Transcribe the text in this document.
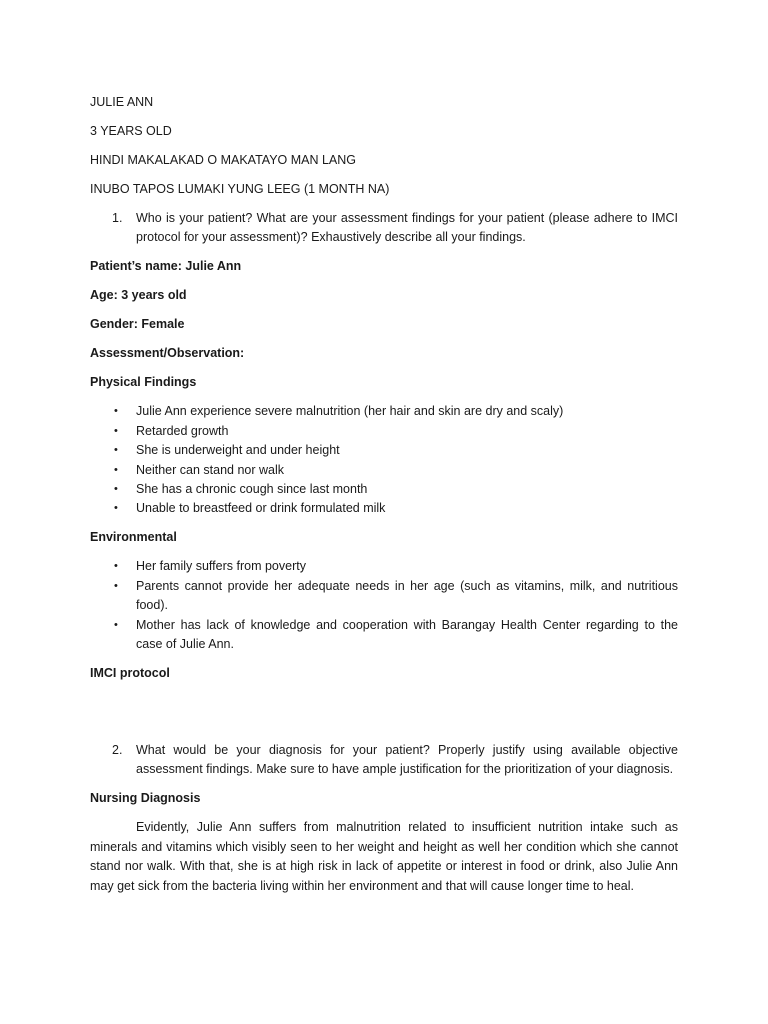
JULIE ANN

3 YEARS OLD

HINDI MAKALAKAD O MAKATAYO MAN LANG

INUBO TAPOS LUMAKI YUNG LEEG (1 MONTH NA)

1.	Who is your patient? What are your assessment findings for your patient (please adhere to IMCI protocol for your assessment)? Exhaustively describe all your findings.

Patient’s name: Julie Ann

Age: 3 years old

Gender: Female

Assessment/Observation:

Physical Findings

•	Julie Ann experience severe malnutrition (her hair and skin are dry and scaly)
•	Retarded growth
•	She is underweight and under height
•	Neither can stand nor walk
•	She has a chronic cough since last month
•	Unable to breastfeed or drink formulated milk

Environmental

•	Her family suffers from poverty
•	Parents cannot provide her adequate needs in her age (such as vitamins, milk, and nutritious food).
•	Mother has lack of knowledge and cooperation with Barangay Health Center regarding to the case of Julie Ann.

IMCI protocol

2.	What would be your diagnosis for your patient? Properly justify using available objective assessment findings. Make sure to have ample justification for the prioritization of your diagnosis.

Nursing Diagnosis

Evidently, Julie Ann suffers from malnutrition related to insufficient nutrition intake such as minerals and vitamins which visibly seen to her weight and height as well her condition which she cannot stand nor walk. With that, she is at high risk in lack of appetite or interest in food or drink, also Julie Ann may get sick from the bacteria living within her environment and that will cause longer time to heal.
